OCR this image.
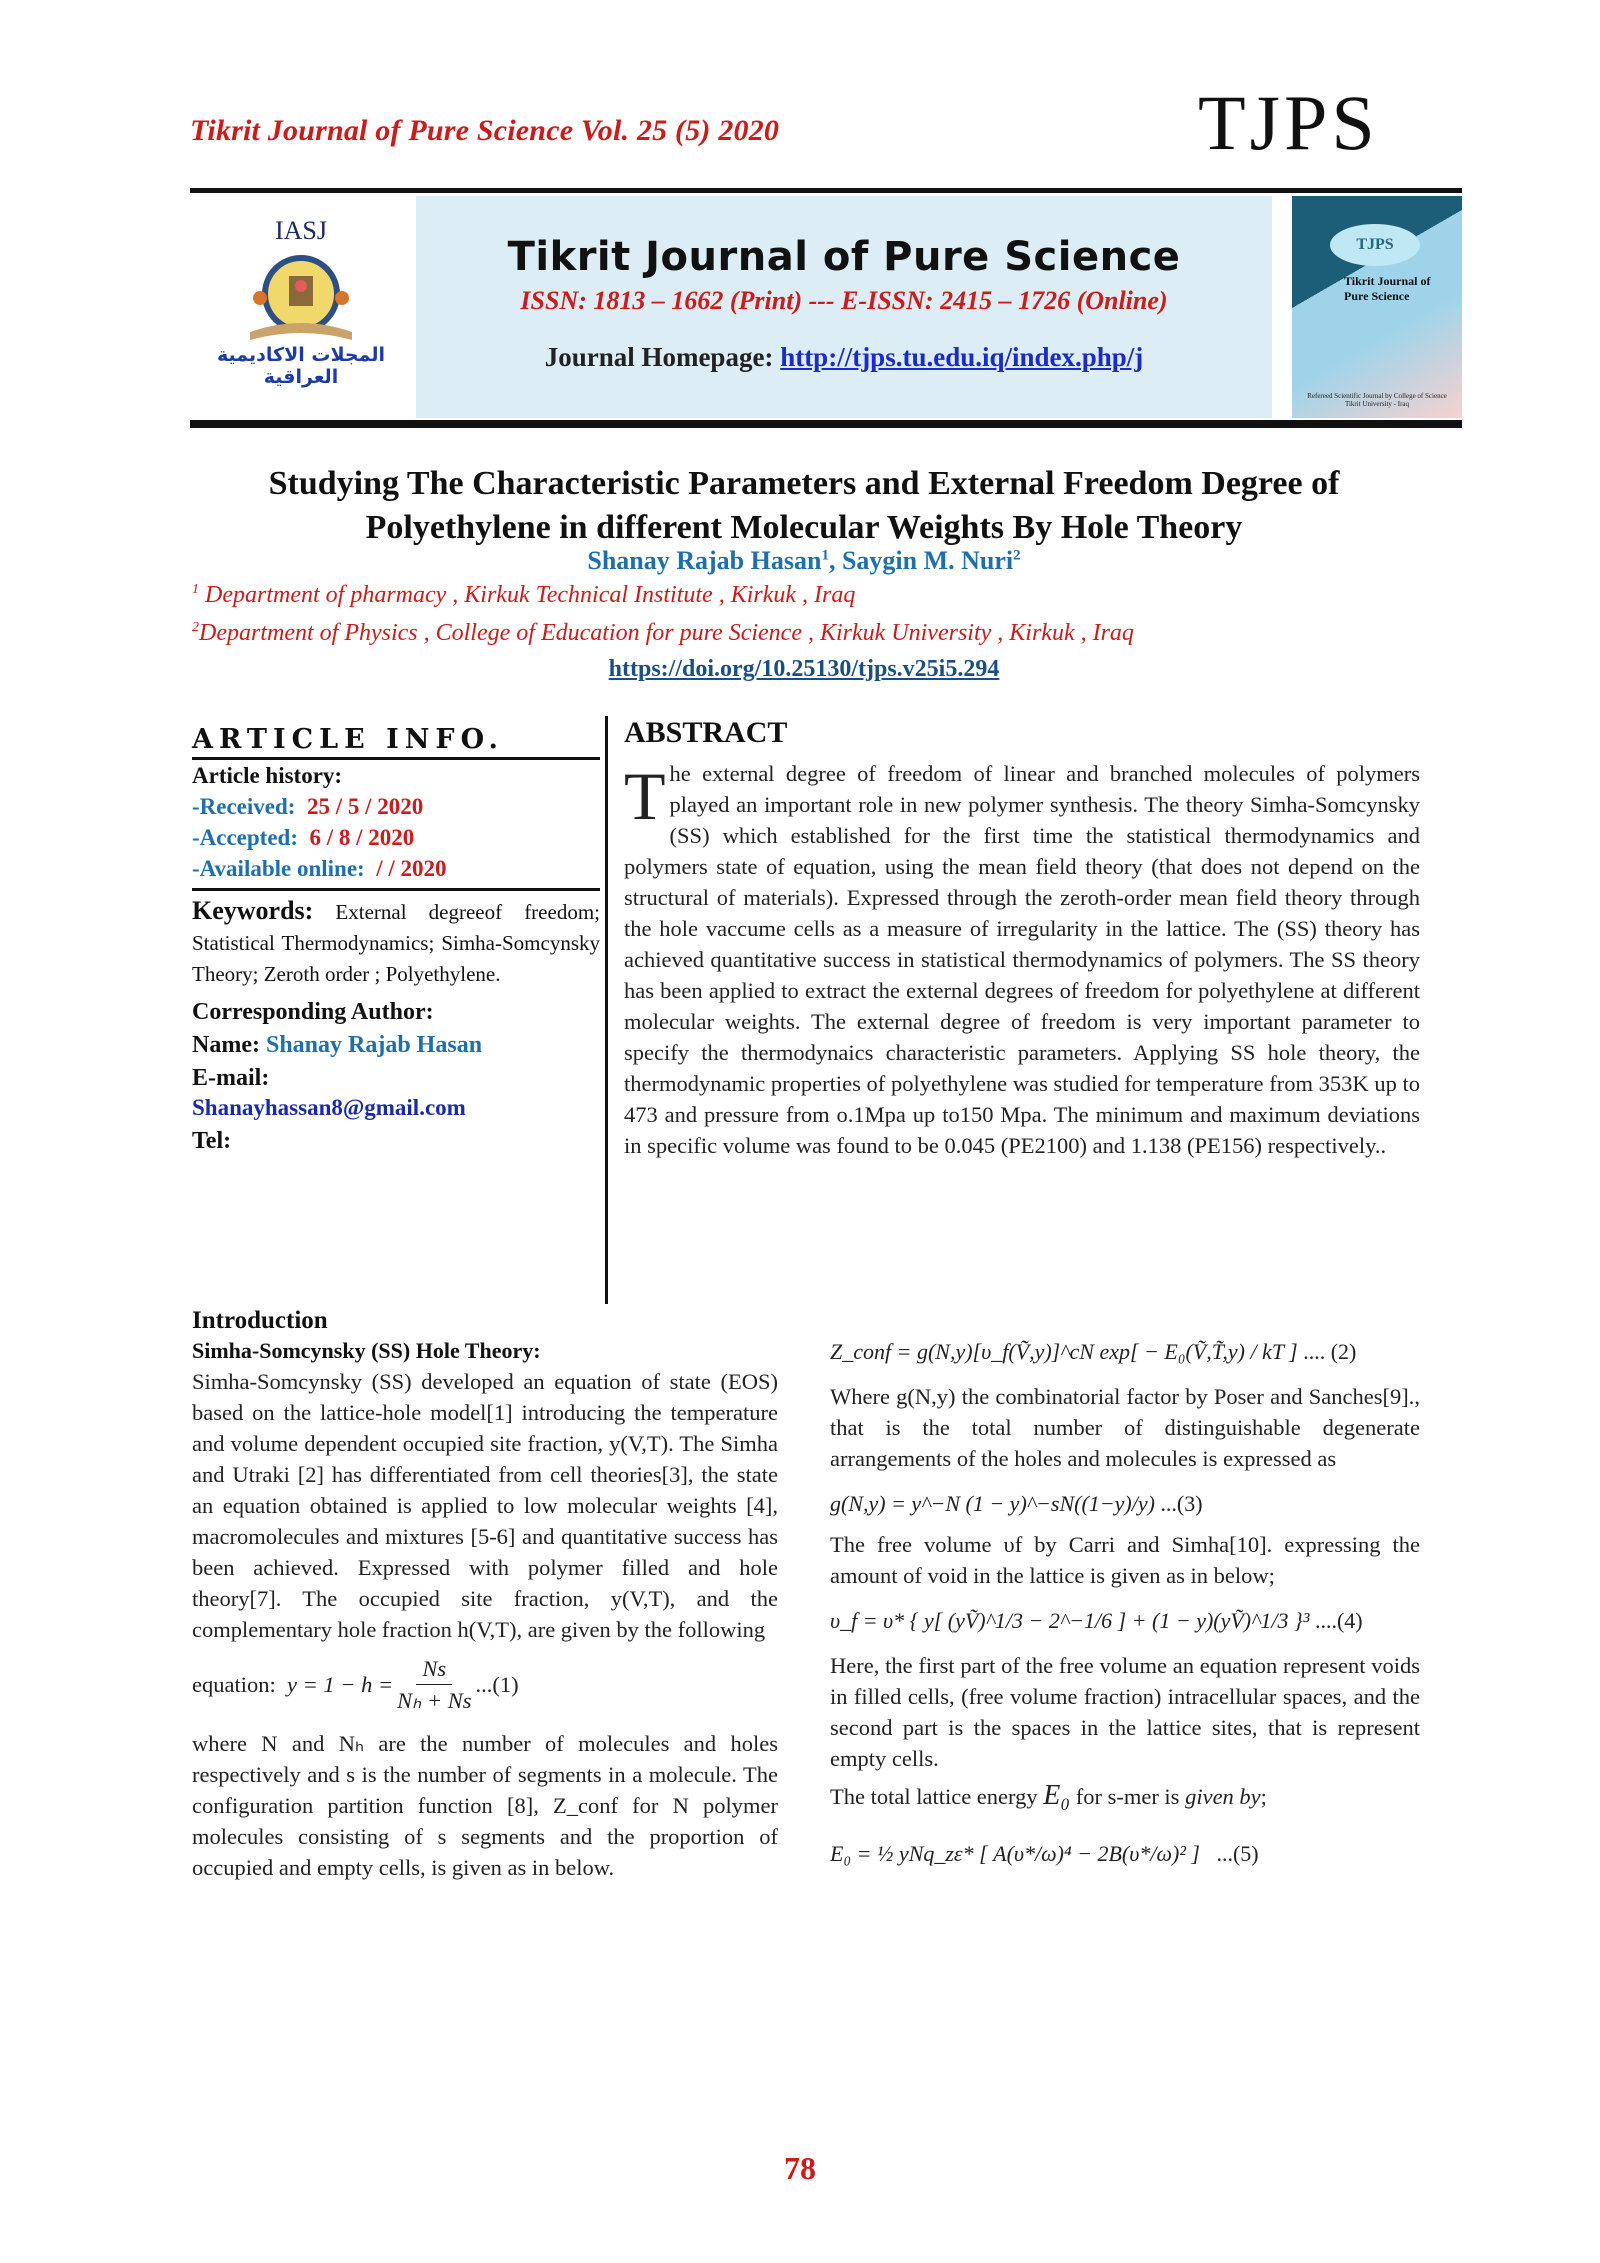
Tikrit Journal of Pure Science Vol. 25 (5) 2020	TJPS
IASJ
المجلات الاكاديمية العراقية
Tikrit Journal of Pure Science
ISSN: 1813 – 1662 (Print) --- E-ISSN: 2415 – 1726 (Online)
Journal Homepage: http://tjps.tu.edu.iq/index.php/j
TJPS
Tikrit Journal of Pure Science
Refereed Scientific Journal by College of Science Tikrit University - Iraq
Studying The Characteristic Parameters and External Freedom Degree of
Polyethylene in different Molecular Weights By Hole Theory
Shanay Rajab Hasan$^1$, Saygin M. Nuri$^2$
$^1$ Department of pharmacy , Kirkuk Technical Institute , Kirkuk , Iraq
$^2$Department of Physics , College of Education for pure Science , Kirkuk University , Kirkuk , Iraq
https://doi.org/10.25130/tjps.v25i5.294
ARTICLE INFO.
Article history:
-Received: 25 / 5 / 2020
-Accepted: 6 / 8 / 2020
-Available online: / / 2020
Keywords: External degreeof freedom; Statistical Thermodynamics; Simha-Somcynsky Theory; Zeroth order ; Polyethylene.
Corresponding Author:
Name: Shanay Rajab Hasan
E-mail:
Shanayhassan8@gmail.com
Tel:
ABSTRACT
The external degree of freedom of linear and branched molecules of polymers played an important role in new polymer synthesis. The theory Simha-Somcynsky (SS) which established for the first time the statistical thermodynamics and polymers state of equation, using the mean field theory (that does not depend on the structural of materials). Expressed through the zeroth-order mean field theory through the hole vaccume cells as a measure of irregularity in the lattice. The (SS) theory has achieved quantitative success in statistical thermodynamics of polymers. The SS theory has been applied to extract the external degrees of freedom for polyethylene at different molecular weights. The external degree of freedom is very important parameter to specify the thermodynaics characteristic parameters. Applying SS hole theory, the thermodynamic properties of polyethylene was studied for temperature from 353K up to 473 and pressure from o.1Mpa up to150 Mpa. The minimum and maximum deviations in specific volume was found to be 0.045 (PE2100) and 1.138 (PE156) respectively..
Introduction
Simha-Somcynsky (SS) Hole Theory:

Simha-Somcynsky (SS) developed an equation of state (EOS) based on the lattice-hole model[1] introducing the temperature and volume dependent occupied site fraction, y(V,T). The Simha and Utraki [2] has differentiated from cell theories[3], the state an equation obtained is applied to low molecular weights [4], macromolecules and mixtures [5-6] and quantitative success has been achieved. Expressed with polymer filled and hole theory[7]. The occupied site fraction, y(V,T), and the complementary hole fraction h(V,T), are given by the following

equation:
$y = 1 - h = \frac{Ns}{\text{Nₕ + Ns}} ...(1)$

where N and Nₕ are the number of molecules and holes respectively and s is the number of segments in a molecule. The configuration partition function [8], Z_conf for N polymer molecules consisting of s segments and the proportion of occupied and empty cells, is given as in below.

Z_conf = g(N,y)[υ_f(Ṽ,y)]^cN exp[ − E₀(Ṽ,T̃,y) / kT ] .... (2)

Where g(N,y) the combinatorial factor by Poser and Sanches[9]., that is the total number of distinguishable degenerate arrangements of the holes and molecules is expressed as

g(N,y) = y^−N (1 − y)^−sN((1−y)/y) ...(3)

The free volume υf by Carri and Simha[10]. expressing the amount of void in the lattice is given as in below;

υ_f = υ* { y[ (yṼ)^1/3 − 2^−1/6 ] + (1 − y)(yṼ)^1/3 }³ ....(4)

Here, the first part of the free volume an equation represent voids in filled cells, (free volume fraction) intracellular spaces, and the second part is the spaces in the lattice sites, that is represent empty cells.

The total lattice energy E₀ for s-mer is given by;

E₀ = ½ yNq_zε* [ A(υ*/ω)⁴ − 2B(υ*/ω)² ] ...(5)
78
